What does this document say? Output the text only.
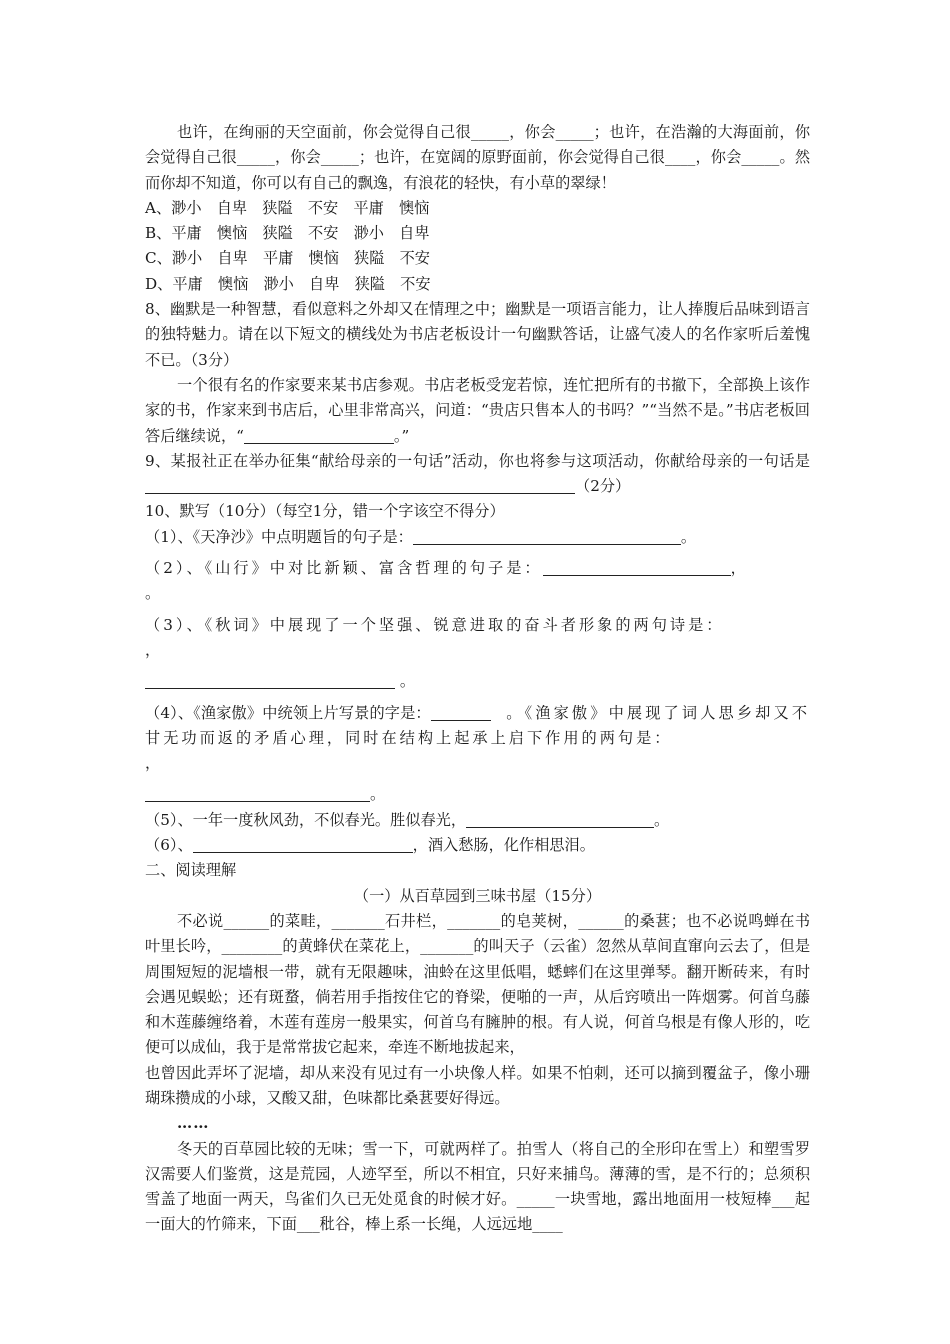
也许，在绚丽的天空面前，你会觉得自己很_____，你会_____；也许，在浩瀚的大海面前，你会觉得自己很_____，你会_____；也许，在宽阔的原野面前，你会觉得自己很____，你会_____。然而你却不知道，你可以有自己的飘逸，有浪花的轻快，有小草的翠绿！

A、渺小　自卑　狭隘　不安　平庸　懊恼

B、平庸　懊恼　狭隘　不安　渺小　自卑

C、渺小　自卑　平庸　懊恼　狭隘　不安

D、平庸　懊恼　渺小　自卑　狭隘　不安

8、幽默是一种智慧，看似意料之外却又在情理之中；幽默是一项语言能力，让人捧腹后品味到语言的独特魅力。请在以下短文的横线处为书店老板设计一句幽默答话，让盛气凌人的名作家听后羞愧不已。（3分）

一个很有名的作家要来某书店参观。书店老板受宠若惊，连忙把所有的书撤下，全部换上该作家的书，作家来到书店后，心里非常高兴，问道：“贵店只售本人的书吗？”“当然不是。”书店老板回答后继续说，“	。”

9、某报社正在举办征集“献给母亲的一句话”活动，你也将参与这项活动，你献给母亲的一句话是（2分）

10、默写（10分）（每空1分，错一个字该空不得分）

（1）、《天净沙》中点明题旨的句子是：	。

（2）、《山行》中对比新颖、富含哲理的句子是：	，

。

（3）、《秋词》中展现了一个坚强、锐意进取的奋斗者形象的两句诗是：

，

。

（4）、《渔家傲》中统领上片写景的字是：　	。《渔家傲》中展现了词人思乡却又不甘无功而返的矛盾心理，同时在结构上起承上启下作用的两句是：

，

。

（5）、一年一度秋风劲，不似春光。胜似春光，	。

（6）、	，酒入愁肠，化作相思泪。

二、阅读理解

（一）从百草园到三味书屋（15分）

不必说______的菜畦，_______石井栏，_______的皂荚树，______的桑葚；也不必说鸣蝉在书叶里长吟，________的黄蜂伏在菜花上，_______的叫天子（云雀）忽然从草间直窜向云去了，但是周围短短的泥墙根一带，就有无限趣味，油蛉在这里低唱，蟋蟀们在这里弹琴。翻开断砖来，有时会遇见蜈蚣；还有斑蝥，倘若用手指按住它的脊梁，便啪的一声，从后窍喷出一阵烟雾。何首乌藤和木莲藤缠络着，木莲有莲房一般果实，何首乌有臃肿的根。有人说，何首乌根是有像人形的，吃便可以成仙，我于是常常拔它起来，牵连不断地拔起来，

也曾因此弄坏了泥墙，却从来没有见过有一小块像人样。如果不怕刺，还可以摘到覆盆子，像小珊瑚珠攒成的小球，又酸又甜，色味都比桑葚要好得远。

……

冬天的百草园比较的无味；雪一下，可就两样了。拍雪人（将自己的全形印在雪上）和塑雪罗汉需要人们鉴赏，这是荒园，人迹罕至，所以不相宜，只好来捕鸟。薄薄的雪，是不行的；总须积雪盖了地面一两天，鸟雀们久已无处觅食的时候才好。_____一块雪地，露出地面用一枝短棒___起一面大的竹筛来，下面___秕谷，棒上系一长绳，人远远地____
